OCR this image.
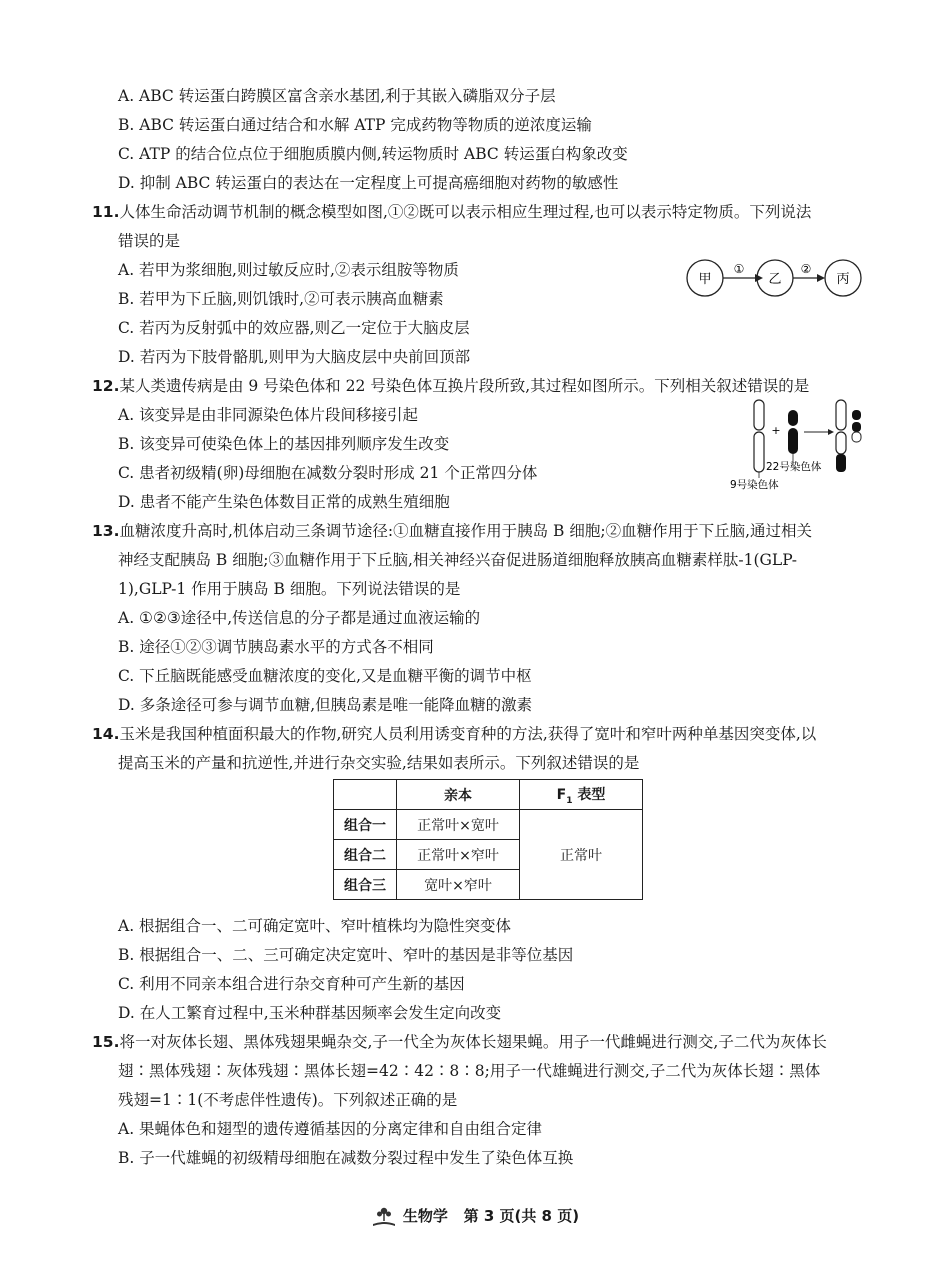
A. ABC 转运蛋白跨膜区富含亲水基团,利于其嵌入磷脂双分子层
B. ABC 转运蛋白通过结合和水解 ATP 完成药物等物质的逆浓度运输
C. ATP 的结合位点位于细胞质膜内侧,转运物质时 ABC 转运蛋白构象改变
D. 抑制 ABC 转运蛋白的表达在一定程度上可提高癌细胞对药物的敏感性
11.人体生命活动调节机制的概念模型如图,①②既可以表示相应生理过程,也可以表示特定物质。下列说法
错误的是
A. 若甲为浆细胞,则过敏反应时,②表示组胺等物质
B. 若甲为下丘脑,则饥饿时,②可表示胰高血糖素
C. 若丙为反射弧中的效应器,则乙一定位于大脑皮层
D. 若丙为下肢骨骼肌,则甲为大脑皮层中央前回顶部
甲
①
乙
②
丙
12.某人类遗传病是由 9 号染色体和 22 号染色体互换片段所致,其过程如图所示。下列相关叙述错误的是
A. 该变异是由非同源染色体片段间移接引起
B. 该变异可使染色体上的基因排列顺序发生改变
C. 患者初级精(卵)母细胞在减数分裂时形成 21 个正常四分体
D. 患者不能产生染色体数目正常的成熟生殖细胞
+
22号染色体
9号染色体
13.血糖浓度升高时,机体启动三条调节途径:①血糖直接作用于胰岛 B 细胞;②血糖作用于下丘脑,通过相关
神经支配胰岛 B 细胞;③血糖作用于下丘脑,相关神经兴奋促进肠道细胞释放胰高血糖素样肽-1(GLP-
1),GLP-1 作用于胰岛 B 细胞。下列说法错误的是
A. ①②③途径中,传送信息的分子都是通过血液运输的
B. 途径①②③调节胰岛素水平的方式各不相同
C. 下丘脑既能感受血糖浓度的变化,又是血糖平衡的调节中枢
D. 多条途径可参与调节血糖,但胰岛素是唯一能降血糖的激素
14.玉米是我国种植面积最大的作物,研究人员利用诱变育种的方法,获得了宽叶和窄叶两种单基因突变体,以
提高玉米的产量和抗逆性,并进行杂交实验,结果如表所示。下列叙述错误的是
	亲本	$F_1$ 表型
组合一	正常叶×宽叶	正常叶
组合二	正常叶×窄叶	
组合三	宽叶×窄叶	
A. 根据组合一、二可确定宽叶、窄叶植株均为隐性突变体
B. 根据组合一、二、三可确定决定宽叶、窄叶的基因是非等位基因
C. 利用不同亲本组合进行杂交育种可产生新的基因
D. 在人工繁育过程中,玉米种群基因频率会发生定向改变
15.将一对灰体长翅、黑体残翅果蝇杂交,子一代全为灰体长翅果蝇。用子一代雌蝇进行测交,子二代为灰体长
翅∶黑体残翅∶灰体残翅∶黑体长翅=42∶42∶8∶8;用子一代雄蝇进行测交,子二代为灰体长翅∶黑体
残翅=1∶1(不考虑伴性遗传)。下列叙述正确的是
A. 果蝇体色和翅型的遗传遵循基因的分离定律和自由组合定律
B. 子一代雄蝇的初级精母细胞在减数分裂过程中发生了染色体互换
生物学 第 3 页(共 8 页)
